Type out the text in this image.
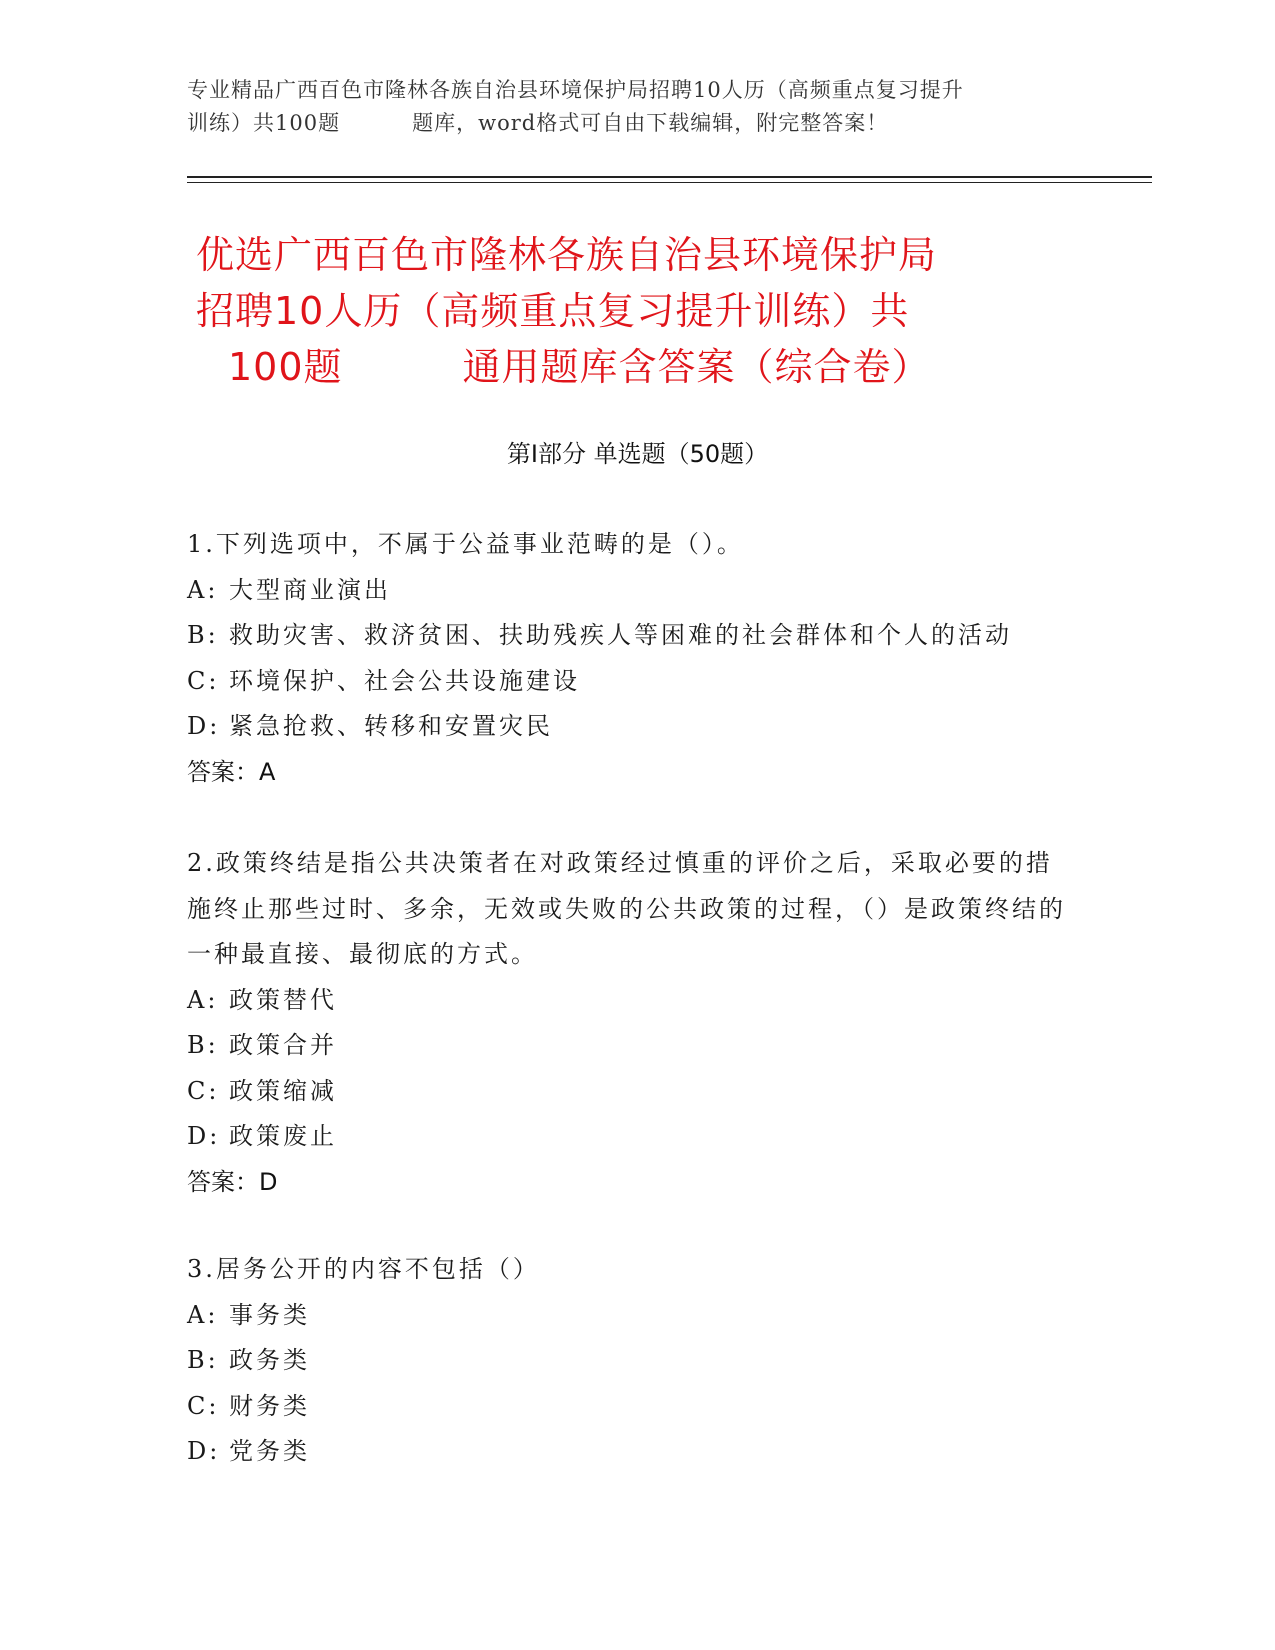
专业精品广西百色市隆林各族自治县环境保护局招聘10人历（高频重点复习提升
训练）共100题	题库，word格式可自由下载编辑，附完整答案！
优选广西百色市隆林各族自治县环境保护局
招聘10人历（高频重点复习提升训练）共
100题	通用题库含答案（综合卷）
第Ⅰ部分 单选题（50题）
1.下列选项中，不属于公益事业范畴的是（）。
A: 大型商业演出
B: 救助灾害、救济贫困、扶助残疾人等困难的社会群体和个人的活动
C: 环境保护、社会公共设施建设
D: 紧急抢救、转移和安置灾民
答案：A
2.政策终结是指公共决策者在对政策经过慎重的评价之后，采取必要的措施终止那些过时、多余，无效或失败的公共政策的过程，（）是政策终结的一种最直接、最彻底的方式。
A: 政策替代
B: 政策合并
C: 政策缩减
D: 政策废止
答案：D
3.居务公开的内容不包括（）
A: 事务类
B: 政务类
C: 财务类
D: 党务类
